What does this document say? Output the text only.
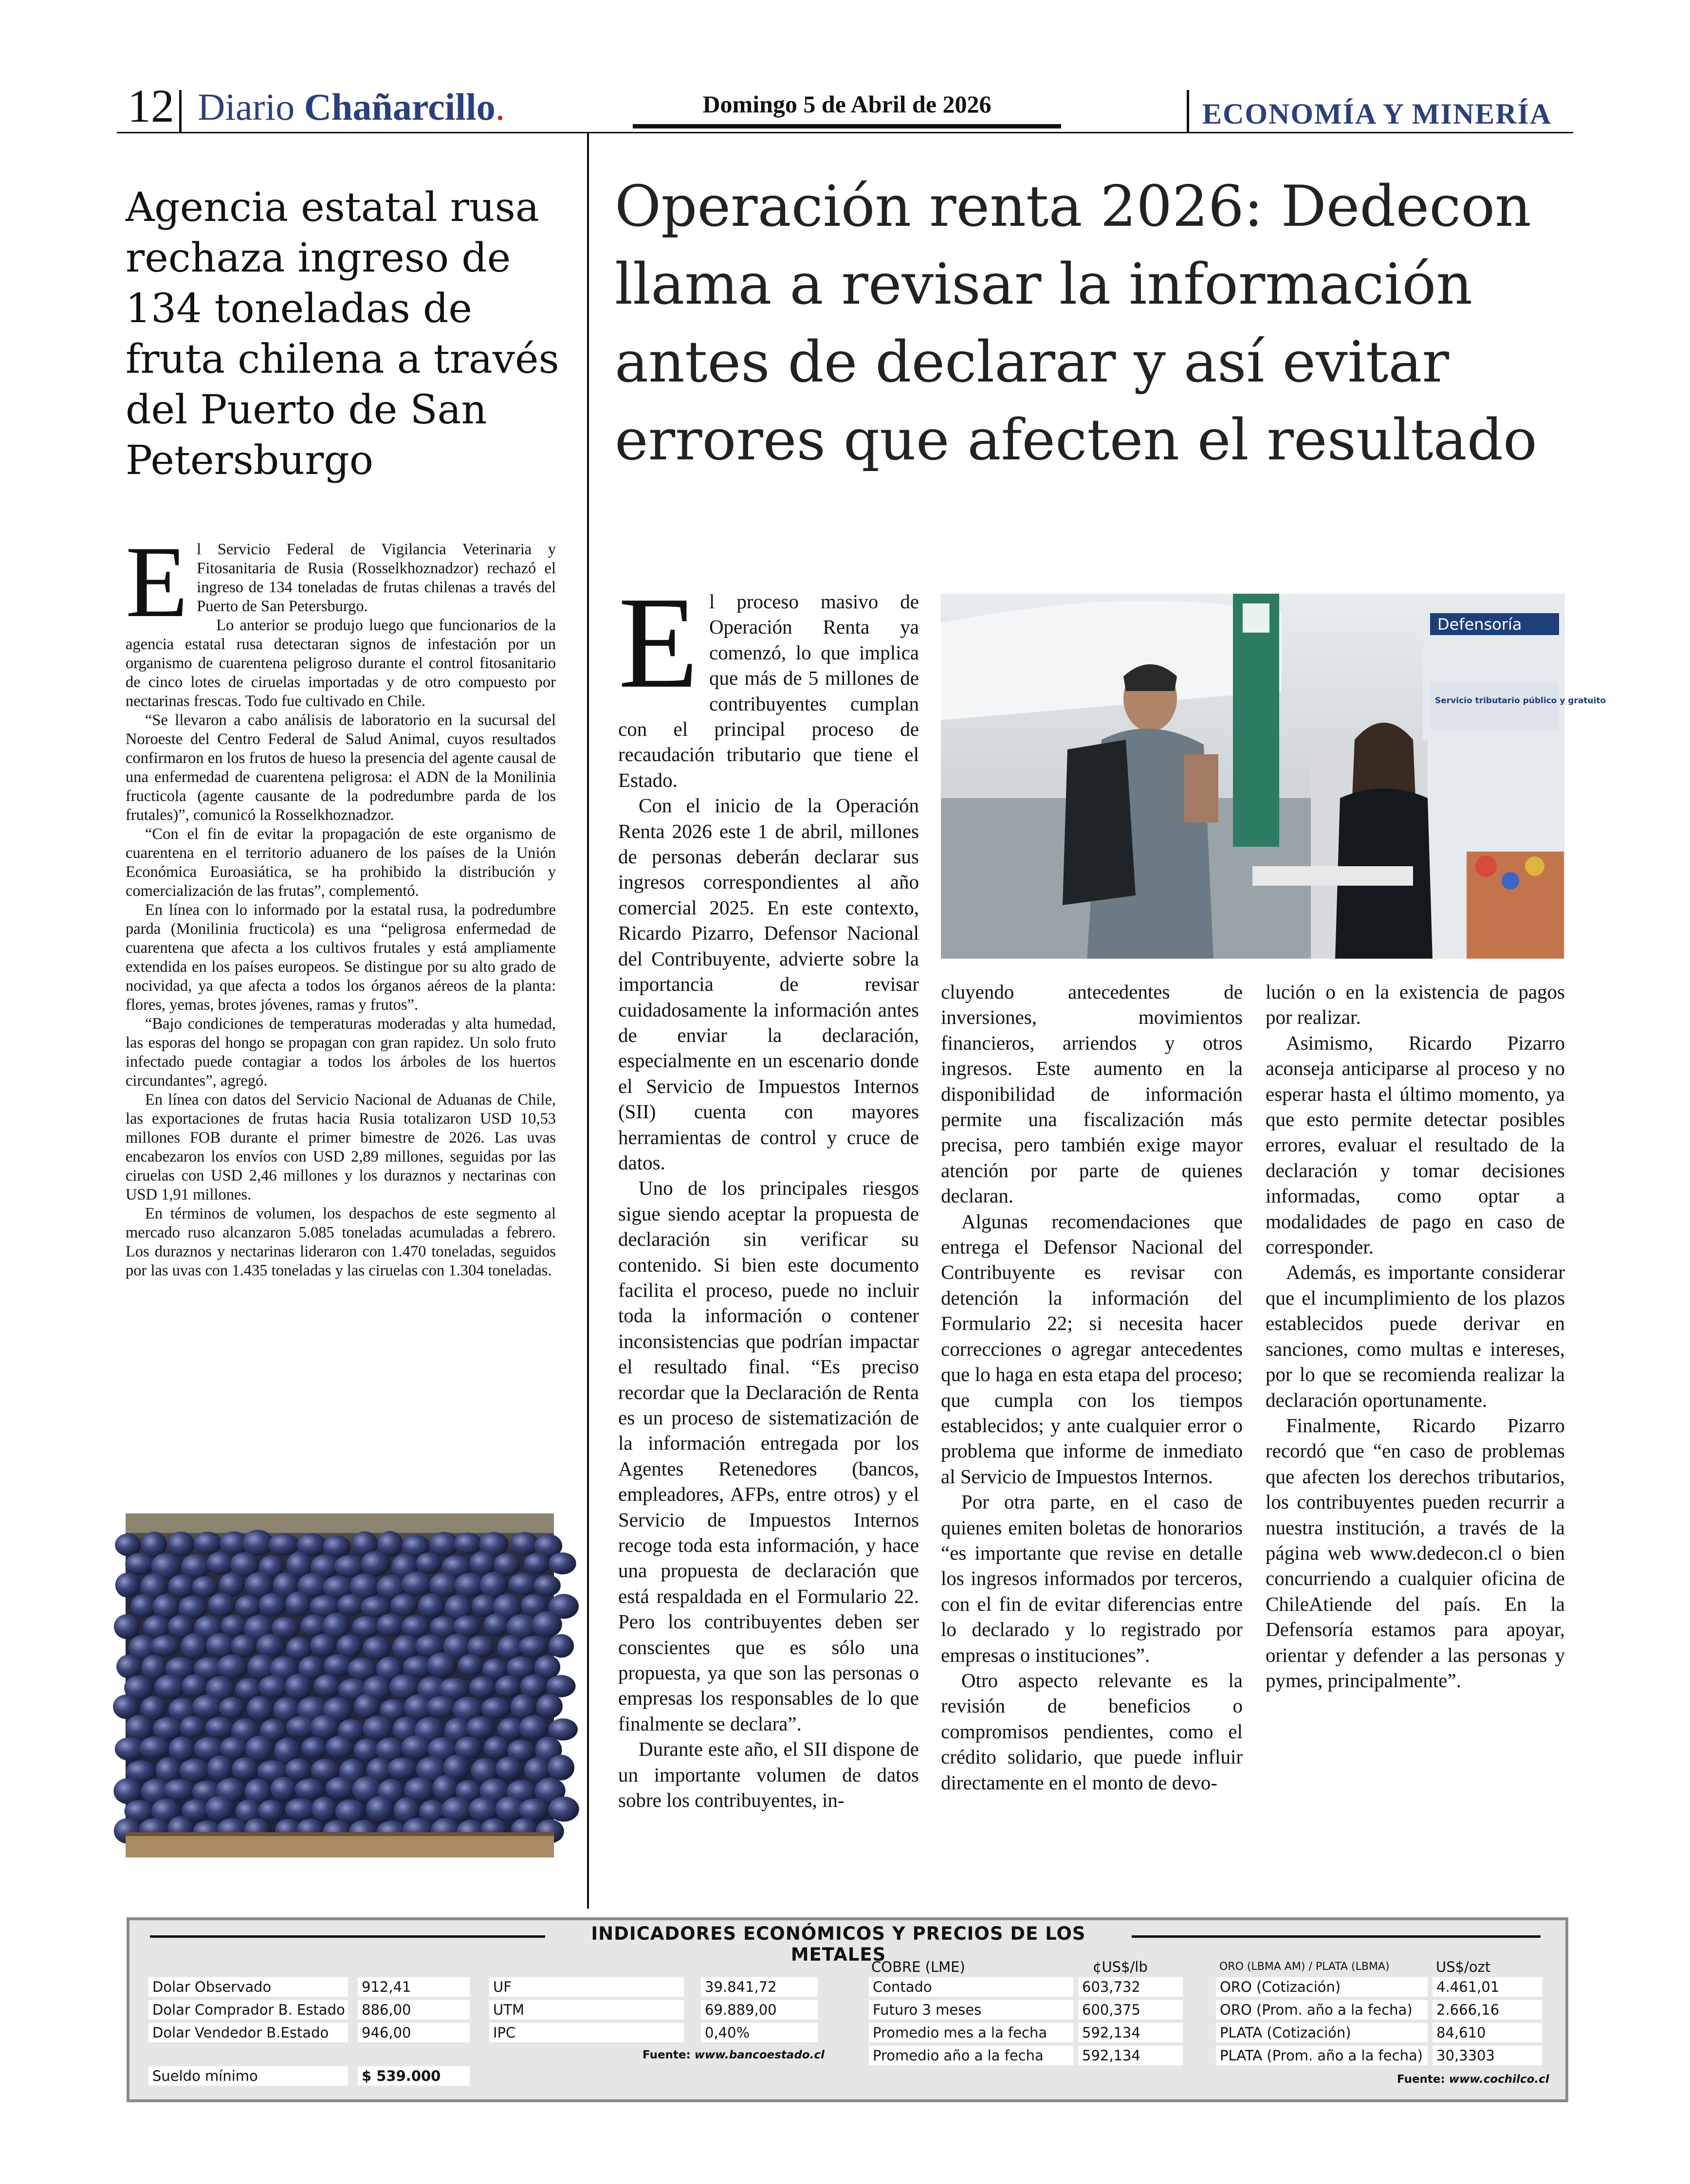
12 Diario Chañarcillo.	Domingo 5 de Abril de 2026	ECONOMÍA Y MINERÍA
Agencia estatal rusa rechaza ingreso de 134 toneladas de fruta chilena a través del Puerto de San Petersburgo

El Servicio Federal de Vigilancia Veterinaria y Fitosanitaria de Rusia (Rosselkhoznadzor) rechazó el ingreso de 134 toneladas de frutas chilenas a través del Puerto de San Petersburgo.

Lo anterior se produjo luego que funcionarios de la agencia estatal rusa detectaran signos de infestación por un organismo de cuarentena peligroso durante el control fitosanitario de cinco lotes de ciruelas importadas y de otro compuesto por nectarinas frescas. Todo fue cultivado en Chile.

“Se llevaron a cabo análisis de laboratorio en la sucursal del Noroeste del Centro Federal de Salud Animal, cuyos resultados confirmaron en los frutos de hueso la presencia del agente causal de una enfermedad de cuarentena peligrosa: el ADN de la Monilinia fructicola (agente causante de la podredumbre parda de los frutales)”, comunicó la Rosselkhoznadzor.

“Con el fin de evitar la propagación de este organismo de cuarentena en el territorio aduanero de los países de la Unión Económica Euroasiática, se ha prohibido la distribución y comercialización de las frutas”, complementó.

En línea con lo informado por la estatal rusa, la podredumbre parda (Monilinia fructicola) es una “peligrosa enfermedad de cuarentena que afecta a los cultivos frutales y está ampliamente extendida en los países europeos. Se distingue por su alto grado de nocividad, ya que afecta a todos los órganos aéreos de la planta: flores, yemas, brotes jóvenes, ramas y frutos”.

“Bajo condiciones de temperaturas moderadas y alta humedad, las esporas del hongo se propagan con gran rapidez. Un solo fruto infectado puede contagiar a todos los árboles de los huertos circundantes”, agregó.

En línea con datos del Servicio Nacional de Aduanas de Chile, las exportaciones de frutas hacia Rusia totalizaron USD 10,53 millones FOB durante el primer bimestre de 2026. Las uvas encabezaron los envíos con USD 2,89 millones, seguidas por las ciruelas con USD 2,46 millones y los duraznos y nectarinas con USD 1,91 millones.

En términos de volumen, los despachos de este segmento al mercado ruso alcanzaron 5.085 toneladas acumuladas a febrero. Los duraznos y nectarinas lideraron con 1.470 toneladas, seguidos por las uvas con 1.435 toneladas y las ciruelas con 1.304 toneladas.

Operación renta 2026: Dedecon llama a revisar la información antes de declarar y así evitar errores que afecten el resultado

El proceso masivo de Operación Renta ya comenzó, lo que implica que más de 5 millones de contribuyentes cumplan con el principal proceso de recaudación tributario que tiene el Estado.

Con el inicio de la Operación Renta 2026 este 1 de abril, millones de personas deberán declarar sus ingresos correspondientes al año comercial 2025. En este contexto, Ricardo Pizarro, Defensor Nacional del Contribuyente, advierte sobre la importancia de revisar cuidadosamente la información antes de enviar la declaración, especialmente en un escenario donde el Servicio de Impuestos Internos (SII) cuenta con mayores herramientas de control y cruce de datos.

Uno de los principales riesgos sigue siendo aceptar la propuesta de declaración sin verificar su contenido. Si bien este documento facilita el proceso, puede no incluir toda la información o contener inconsistencias que podrían impactar el resultado final. “Es preciso recordar que la Declaración de Renta es un proceso de sistematización de la información entregada por los Agentes Retenedores (bancos, empleadores, AFPs, entre otros) y el Servicio de Impuestos Internos recoge toda esta información, y hace una propuesta de declaración que está respaldada en el Formulario 22. Pero los contribuyentes deben ser conscientes que es sólo una propuesta, ya que son las personas o empresas los responsables de lo que finalmente se declara”.

Durante este año, el SII dispone de un importante volumen de datos sobre los contribuyentes, in-

Defensoría
Servicio tributario público y gratuito

cluyendo antecedentes de inversiones, movimientos financieros, arriendos y otros ingresos. Este aumento en la disponibilidad de información permite una fiscalización más precisa, pero también exige mayor atención por parte de quienes declaran.

Algunas recomendaciones que entrega el Defensor Nacional del Contribuyente es revisar con detención la información del Formulario 22; si necesita hacer correcciones o agregar antecedentes que lo haga en esta etapa del proceso; que cumpla con los tiempos establecidos; y ante cualquier error o problema que informe de inmediato al Servicio de Impuestos Internos.

Por otra parte, en el caso de quienes emiten boletas de honorarios “es importante que revise en detalle los ingresos informados por terceros, con el fin de evitar diferencias entre lo declarado y lo registrado por empresas o instituciones”.

Otro aspecto relevante es la revisión de beneficios o compromisos pendientes, como el crédito solidario, que puede influir directamente en el monto de devo-

lución o en la existencia de pagos por realizar.

Asimismo, Ricardo Pizarro aconseja anticiparse al proceso y no esperar hasta el último momento, ya que esto permite detectar posibles errores, evaluar el resultado de la declaración y tomar decisiones informadas, como optar a modalidades de pago en caso de corresponder.

Además, es importante considerar que el incumplimiento de los plazos establecidos puede derivar en sanciones, como multas e intereses, por lo que se recomienda realizar la declaración oportunamente.

Finalmente, Ricardo Pizarro recordó que “en caso de problemas que afecten los derechos tributarios, los contribuyentes pueden recurrir a nuestra institución, a través de la página web www.dedecon.cl o bien concurriendo a cualquier oficina de ChileAtiende del país. En la Defensoría estamos para apoyar, orientar y defender a las personas y pymes, principalmente”.

INDICADORES ECONÓMICOS Y PRECIOS DE LOS METALES
Dolar Observado	912,41
Dolar Comprador B. Estado 886,00
Dolar Vendedor B.Estado	946,00
Sueldo mínimo	$ 539.000
UF	39.841,72
UTM	69.889,00
IPC	0,40%
Fuente: www.bancoestado.cl
COBRE (LME)	¢US$/lb
Contado	603,732
Futuro 3 meses	600,375
Promedio mes a la fecha	592,134
Promedio año a la fecha	592,134
ORO (LBMA AM) / PLATA (LBMA)	US$/ozt
ORO (Cotización)	4.461,01
ORO (Prom. año a la fecha)	2.666,16
PLATA (Cotización)	84,610
PLATA (Prom. año a la fecha) 30,3303
Fuente: www.cochilco.cl
